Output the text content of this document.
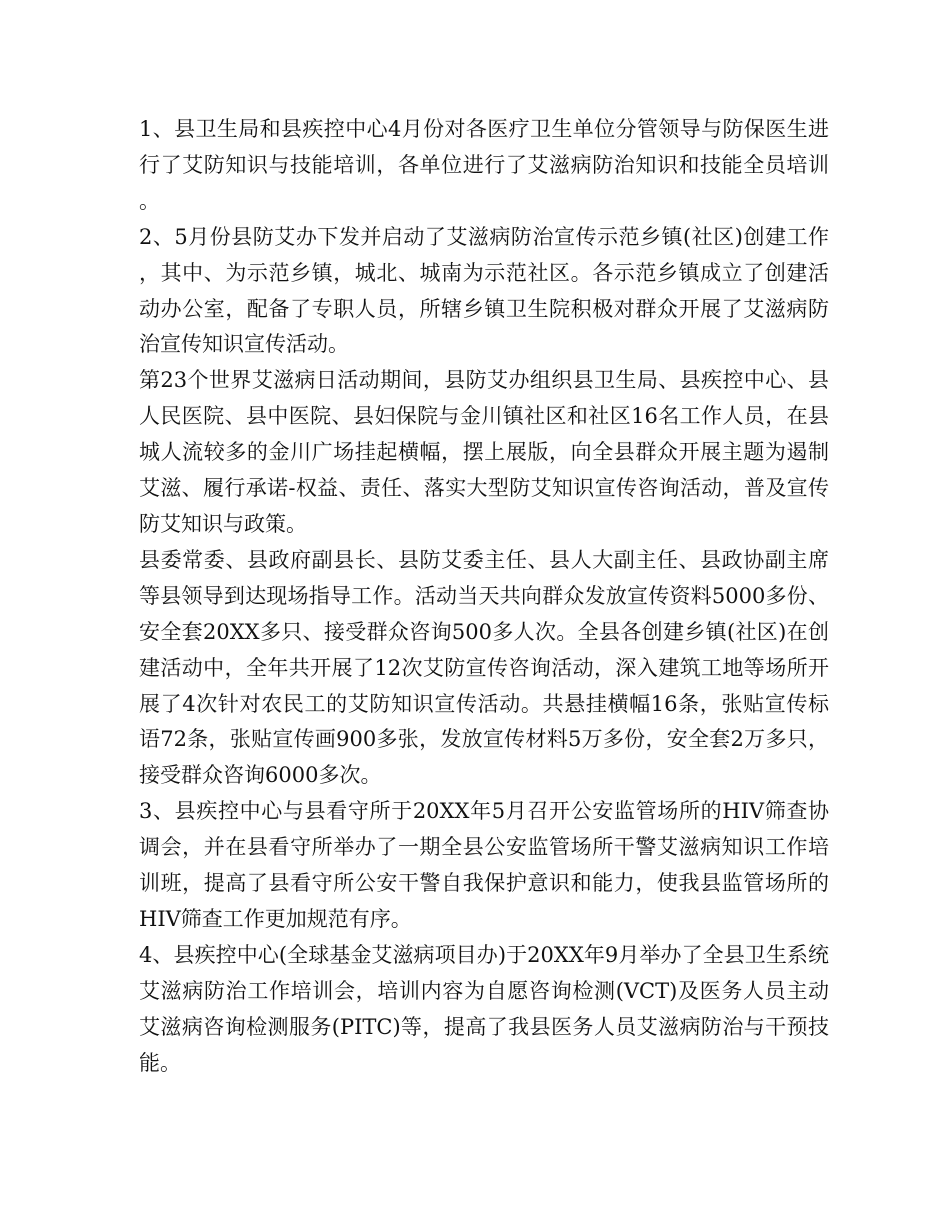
1、县卫生局和县疾控中心4月份对各医疗卫生单位分管领导与防保医生进行了艾防知识与技能培训，各单位进行了艾滋病防治知识和技能全员培训。

2、5月份县防艾办下发并启动了艾滋病防治宣传示范乡镇(社区)创建工作，其中、为示范乡镇，城北、城南为示范社区。各示范乡镇成立了创建活动办公室，配备了专职人员，所辖乡镇卫生院积极对群众开展了艾滋病防治宣传知识宣传活动。

第23个世界艾滋病日活动期间，县防艾办组织县卫生局、县疾控中心、县人民医院、县中医院、县妇保院与金川镇社区和社区16名工作人员，在县城人流较多的金川广场挂起横幅，摆上展版，向全县群众开展主题为遏制艾滋、履行承诺-权益、责任、落实大型防艾知识宣传咨询活动，普及宣传防艾知识与政策。

县委常委、县政府副县长、县防艾委主任、县人大副主任、县政协副主席等县领导到达现场指导工作。活动当天共向群众发放宣传资料5000多份、安全套20XX多只、接受群众咨询500多人次。全县各创建乡镇(社区)在创建活动中，全年共开展了12次艾防宣传咨询活动，深入建筑工地等场所开展了4次针对农民工的艾防知识宣传活动。共悬挂横幅16条，张贴宣传标语72条，张贴宣传画900多张，发放宣传材料5万多份，安全套2万多只，接受群众咨询6000多次。

3、县疾控中心与县看守所于20XX年5月召开公安监管场所的HIV筛查协调会，并在县看守所举办了一期全县公安监管场所干警艾滋病知识工作培训班，提高了县看守所公安干警自我保护意识和能力，使我县监管场所的HIV筛查工作更加规范有序。

4、县疾控中心(全球基金艾滋病项目办)于20XX年9月举办了全县卫生系统艾滋病防治工作培训会，培训内容为自愿咨询检测(VCT)及医务人员主动艾滋病咨询检测服务(PITC)等，提高了我县医务人员艾滋病防治与干预技能。
